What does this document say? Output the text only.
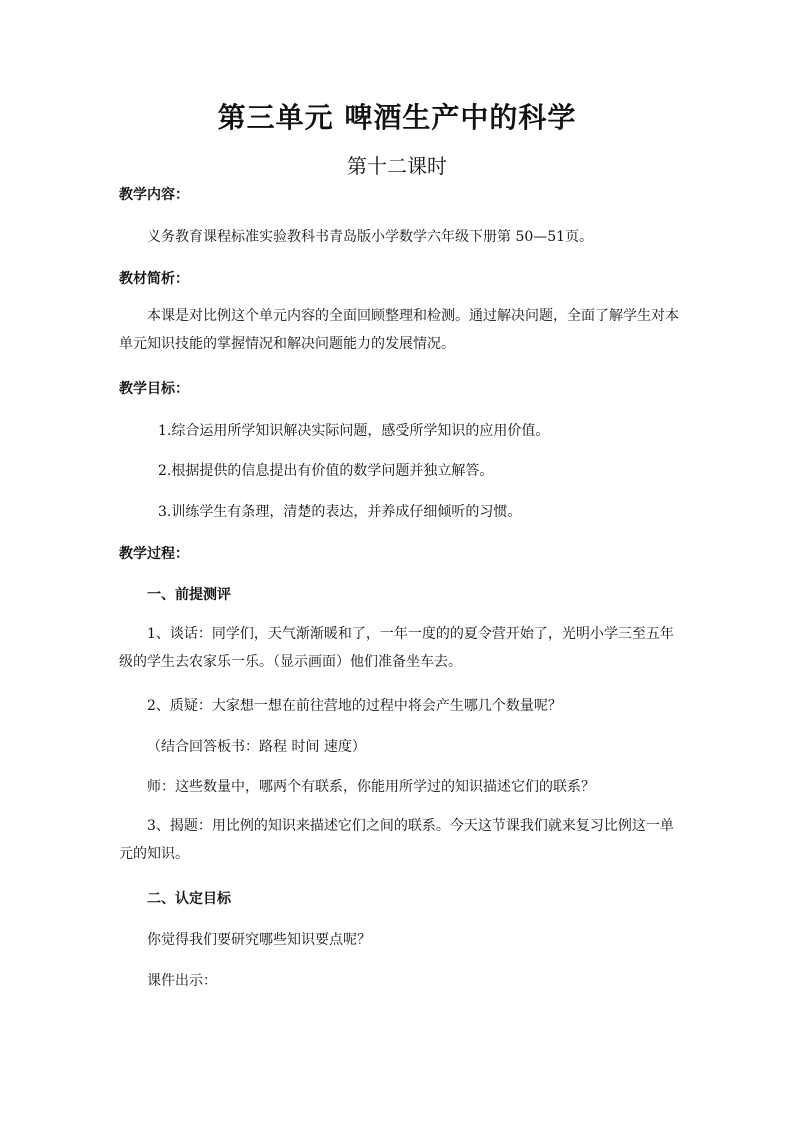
第三单元 啤酒生产中的科学
第十二课时
教学内容：
义务教育课程标准实验教科书青岛版小学数学六年级下册第 50—51页。
教材简析：
本课是对比例这个单元内容的全面回顾整理和检测。通过解决问题，全面了解学生对本单元知识技能的掌握情况和解决问题能力的发展情况。
教学目标：
1.综合运用所学知识解决实际问题，感受所学知识的应用价值。
2.根据提供的信息提出有价值的数学问题并独立解答。
3.训练学生有条理，清楚的表达，并养成仔细倾听的习惯。
教学过程：
一、前提测评
1、谈话：同学们，天气渐渐暖和了，一年一度的的夏令营开始了，光明小学三至五年级的学生去农家乐一乐。（显示画面）他们准备坐车去。
2、质疑：大家想一想在前往营地的过程中将会产生哪几个数量呢？
（结合回答板书：路程 时间 速度）
师：这些数量中，哪两个有联系，你能用所学过的知识描述它们的联系？
3、揭题：用比例的知识来描述它们之间的联系。今天这节课我们就来复习比例这一单元的知识。
二、认定目标
你觉得我们要研究哪些知识要点呢？
课件出示：
